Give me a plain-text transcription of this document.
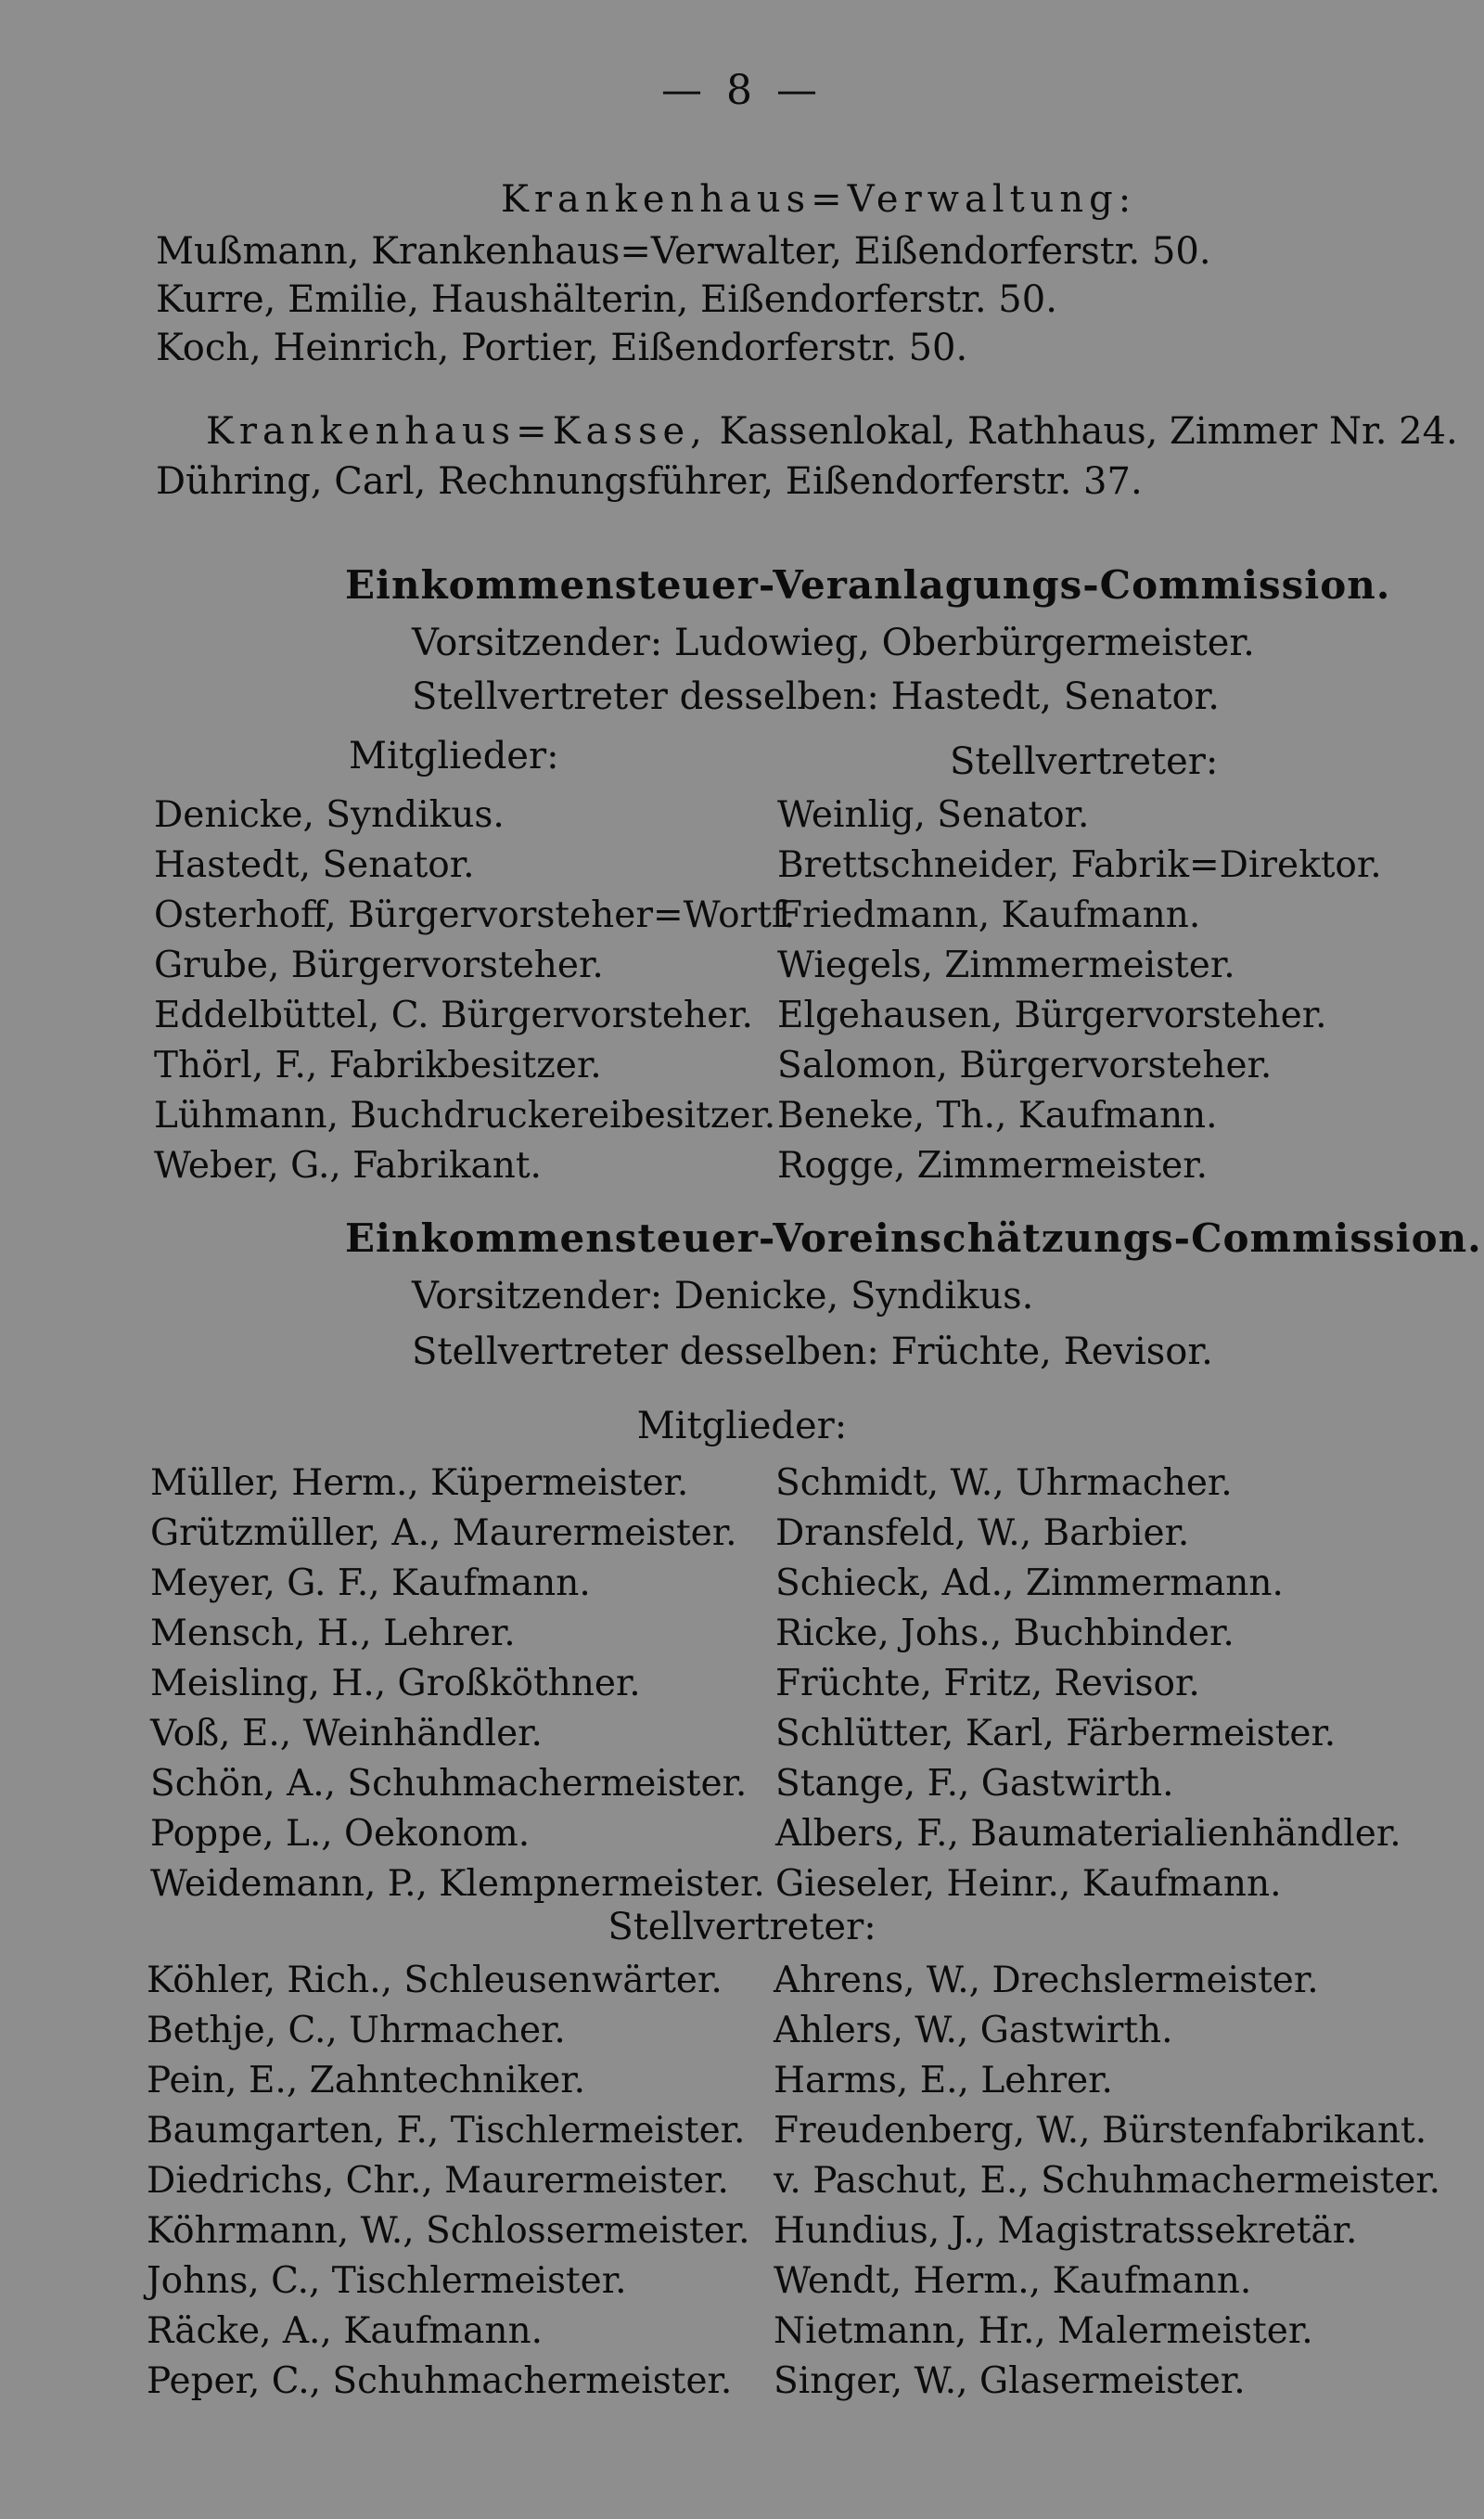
— 8 —
Krankenhaus=Verwaltung:
Mußmann, Krankenhaus=Verwalter, Eißendorferstr. 50.
Kurre, Emilie, Haushälterin, Eißendorferstr. 50.
Koch, Heinrich, Portier, Eißendorferstr. 50.
Krankenhaus=Kasse, Kassenlokal, Rathhaus, Zimmer Nr. 24.
Dühring, Carl, Rechnungsführer, Eißendorferstr. 37.
Einkommensteuer-Veranlagungs-Commission.
Vorsitzender: Ludowieg, Oberbürgermeister.
Stellvertreter desselben: Hastedt, Senator.
Mitglieder:	Stellvertreter:
Denicke, Syndikus.
Hastedt, Senator.
Osterhoff, Bürgervorsteher=Wortf.
Grube, Bürgervorsteher.
Eddelbüttel, C. Bürgervorsteher.
Thörl, F., Fabrikbesitzer.
Lühmann, Buchdruckereibesitzer.
Weber, G., Fabrikant.
Weinlig, Senator.
Brettschneider, Fabrik=Direktor.
Friedmann, Kaufmann.
Wiegels, Zimmermeister.
Elgehausen, Bürgervorsteher.
Salomon, Bürgervorsteher.
Beneke, Th., Kaufmann.
Rogge, Zimmermeister.
Einkommensteuer-Voreinschätzungs-Commission.
Vorsitzender: Denicke, Syndikus.
Stellvertreter desselben: Früchte, Revisor.
Mitglieder:
Müller, Herm., Küpermeister.
Grützmüller, A., Maurermeister.
Meyer, G. F., Kaufmann.
Mensch, H., Lehrer.
Meisling, H., Großköthner.
Voß, E., Weinhändler.
Schön, A., Schuhmachermeister.
Poppe, L., Oekonom.
Weidemann, P., Klempnermeister.
Schmidt, W., Uhrmacher.
Dransfeld, W., Barbier.
Schieck, Ad., Zimmermann.
Ricke, Johs., Buchbinder.
Früchte, Fritz, Revisor.
Schlütter, Karl, Färbermeister.
Stange, F., Gastwirth.
Albers, F., Baumaterialienhändler.
Gieseler, Heinr., Kaufmann.
Stellvertreter:
Köhler, Rich., Schleusenwärter.
Bethje, C., Uhrmacher.
Pein, E., Zahntechniker.
Baumgarten, F., Tischlermeister.
Diedrichs, Chr., Maurermeister.
Köhrmann, W., Schlossermeister.
Johns, C., Tischlermeister.
Räcke, A., Kaufmann.
Peper, C., Schuhmachermeister.
Ahrens, W., Drechslermeister.
Ahlers, W., Gastwirth.
Harms, E., Lehrer.
Freudenberg, W., Bürstenfabrikant.
v. Paschut, E., Schuhmachermeister.
Hundius, J., Magistratssekretär.
Wendt, Herm., Kaufmann.
Nietmann, Hr., Malermeister.
Singer, W., Glasermeister.
